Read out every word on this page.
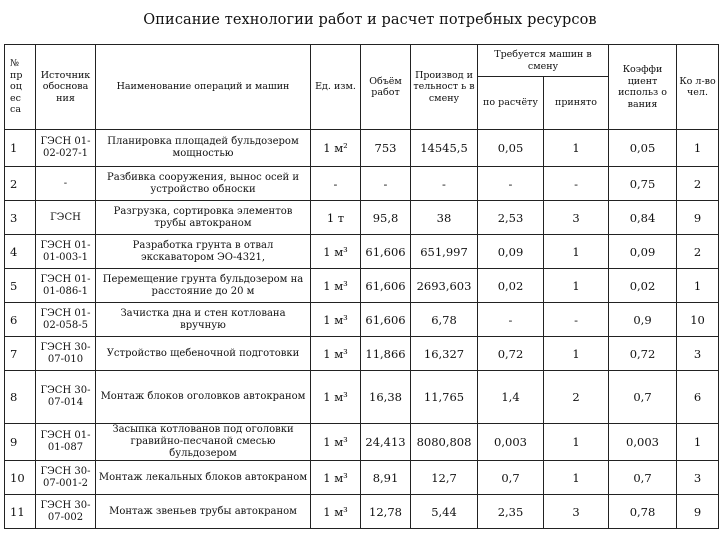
Описание технологии работ и расчет потребных ресурсов
№ пр оц ес са	Источник обоснова ния	Наименование операций и машин	Ед. изм.	Объём работ	Производ и тельност ь в смену	Требуется машин в смену		Коэффи циент использ о вания	Ко л-во чел.
						по расчёту	принято		
1	ГЭСН 01-02-027-1	Планировка площадей бульдозером мощностью	1 м²	753	14545,5	0,05	1	0,05	1
2	-	Разбивка сооружения, вынос осей и устройство обноски	-	-	-	-	-	0,75	2
3	ГЭСН	Разгрузка, сортировка элементов трубы автокраном	1 т	95,8	38	2,53	3	0,84	9
4	ГЭСН 01-01-003-1	Разработка грунта в отвал экскаватором ЭО-4321,	1 м³	61,606	651,997	0,09	1	0,09	2
5	ГЭСН 01-01-086-1	Перемещение грунта бульдозером на расстояние до 20 м	1 м³	61,606	2693,603	0,02	1	0,02	1
6	ГЭСН 01-02-058-5	Зачистка дна и стен котлована вручную	1 м³	61,606	6,78	-	-	0,9	10
7	ГЭСН 30-07-010	Устройство щебеночной подготовки	1 м³	11,866	16,327	0,72	1	0,72	3
8	ГЭСН 30-07-014	Монтаж блоков оголовков автокраном	1 м³	16,38	11,765	1,4	2	0,7	6
9	ГЭСН 01-01-087	Засыпка котлованов под оголовки гравийно-песчаной смесью бульдозером	1 м³	24,413	8080,808	0,003	1	0,003	1
10	ГЭСН 30-07-001-2	Монтаж лекальных блоков автокраном	1 м³	8,91	12,7	0,7	1	0,7	3
11	ГЭСН 30-07-002	Монтаж звеньев трубы автокраном	1 м³	12,78	5,44	2,35	3	0,78	9
